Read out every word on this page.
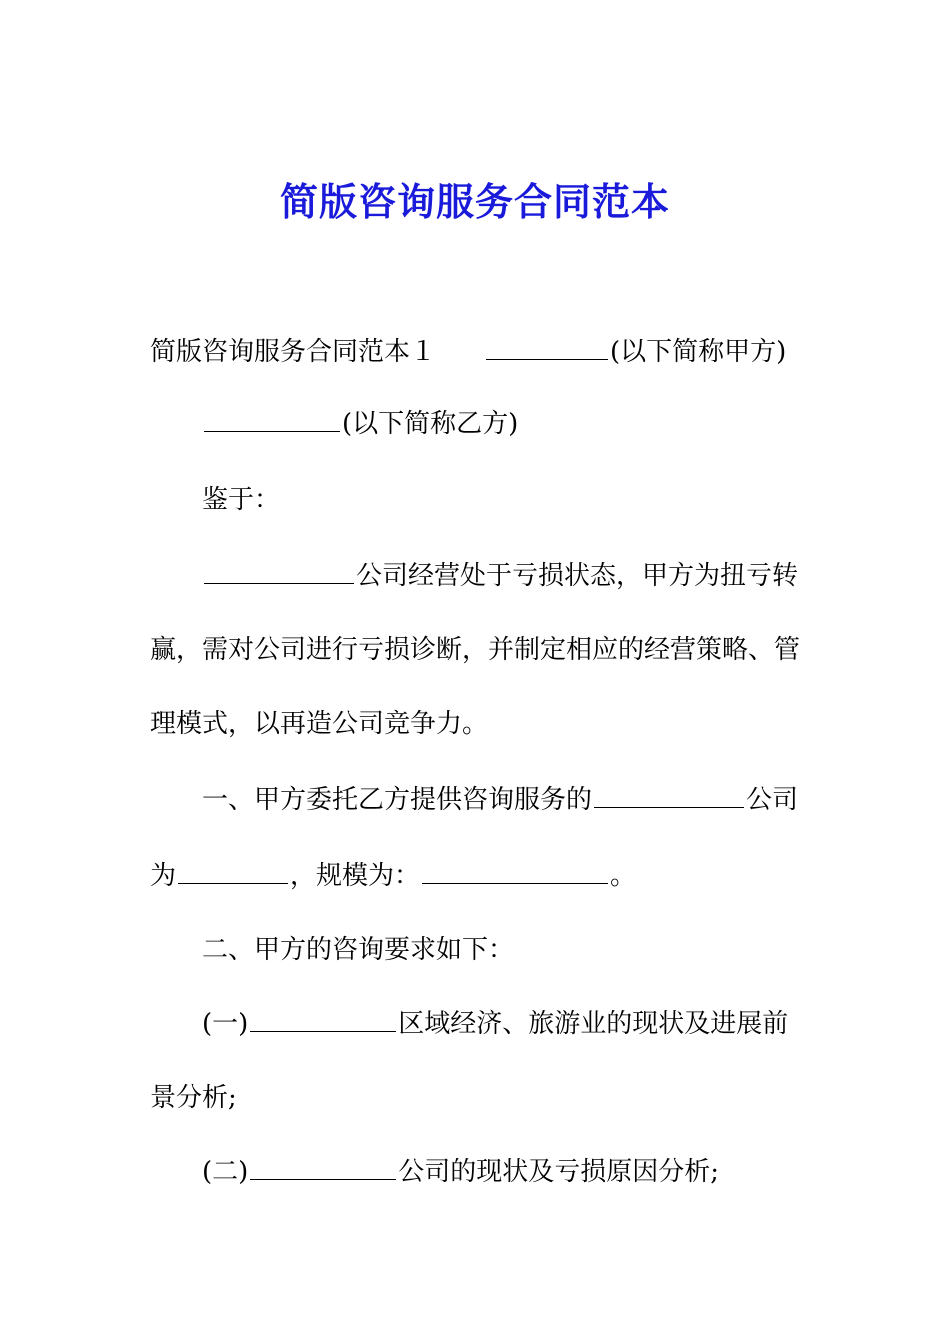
简版咨询服务合同范本
简版咨询服务合同范本１	(以下简称甲方)
(以下简称乙方)
鉴于：
公司经营处于亏损状态，甲方为扭亏转
赢，需对公司进行亏损诊断，并制定相应的经营策略、管
理模式，以再造公司竞争力。
一、甲方委托乙方提供咨询服务的	公司
为	，规模为：	。
二、甲方的咨询要求如下：
(一)	区域经济、旅游业的现状及进展前
景分析;
(二)	公司的现状及亏损原因分析;
